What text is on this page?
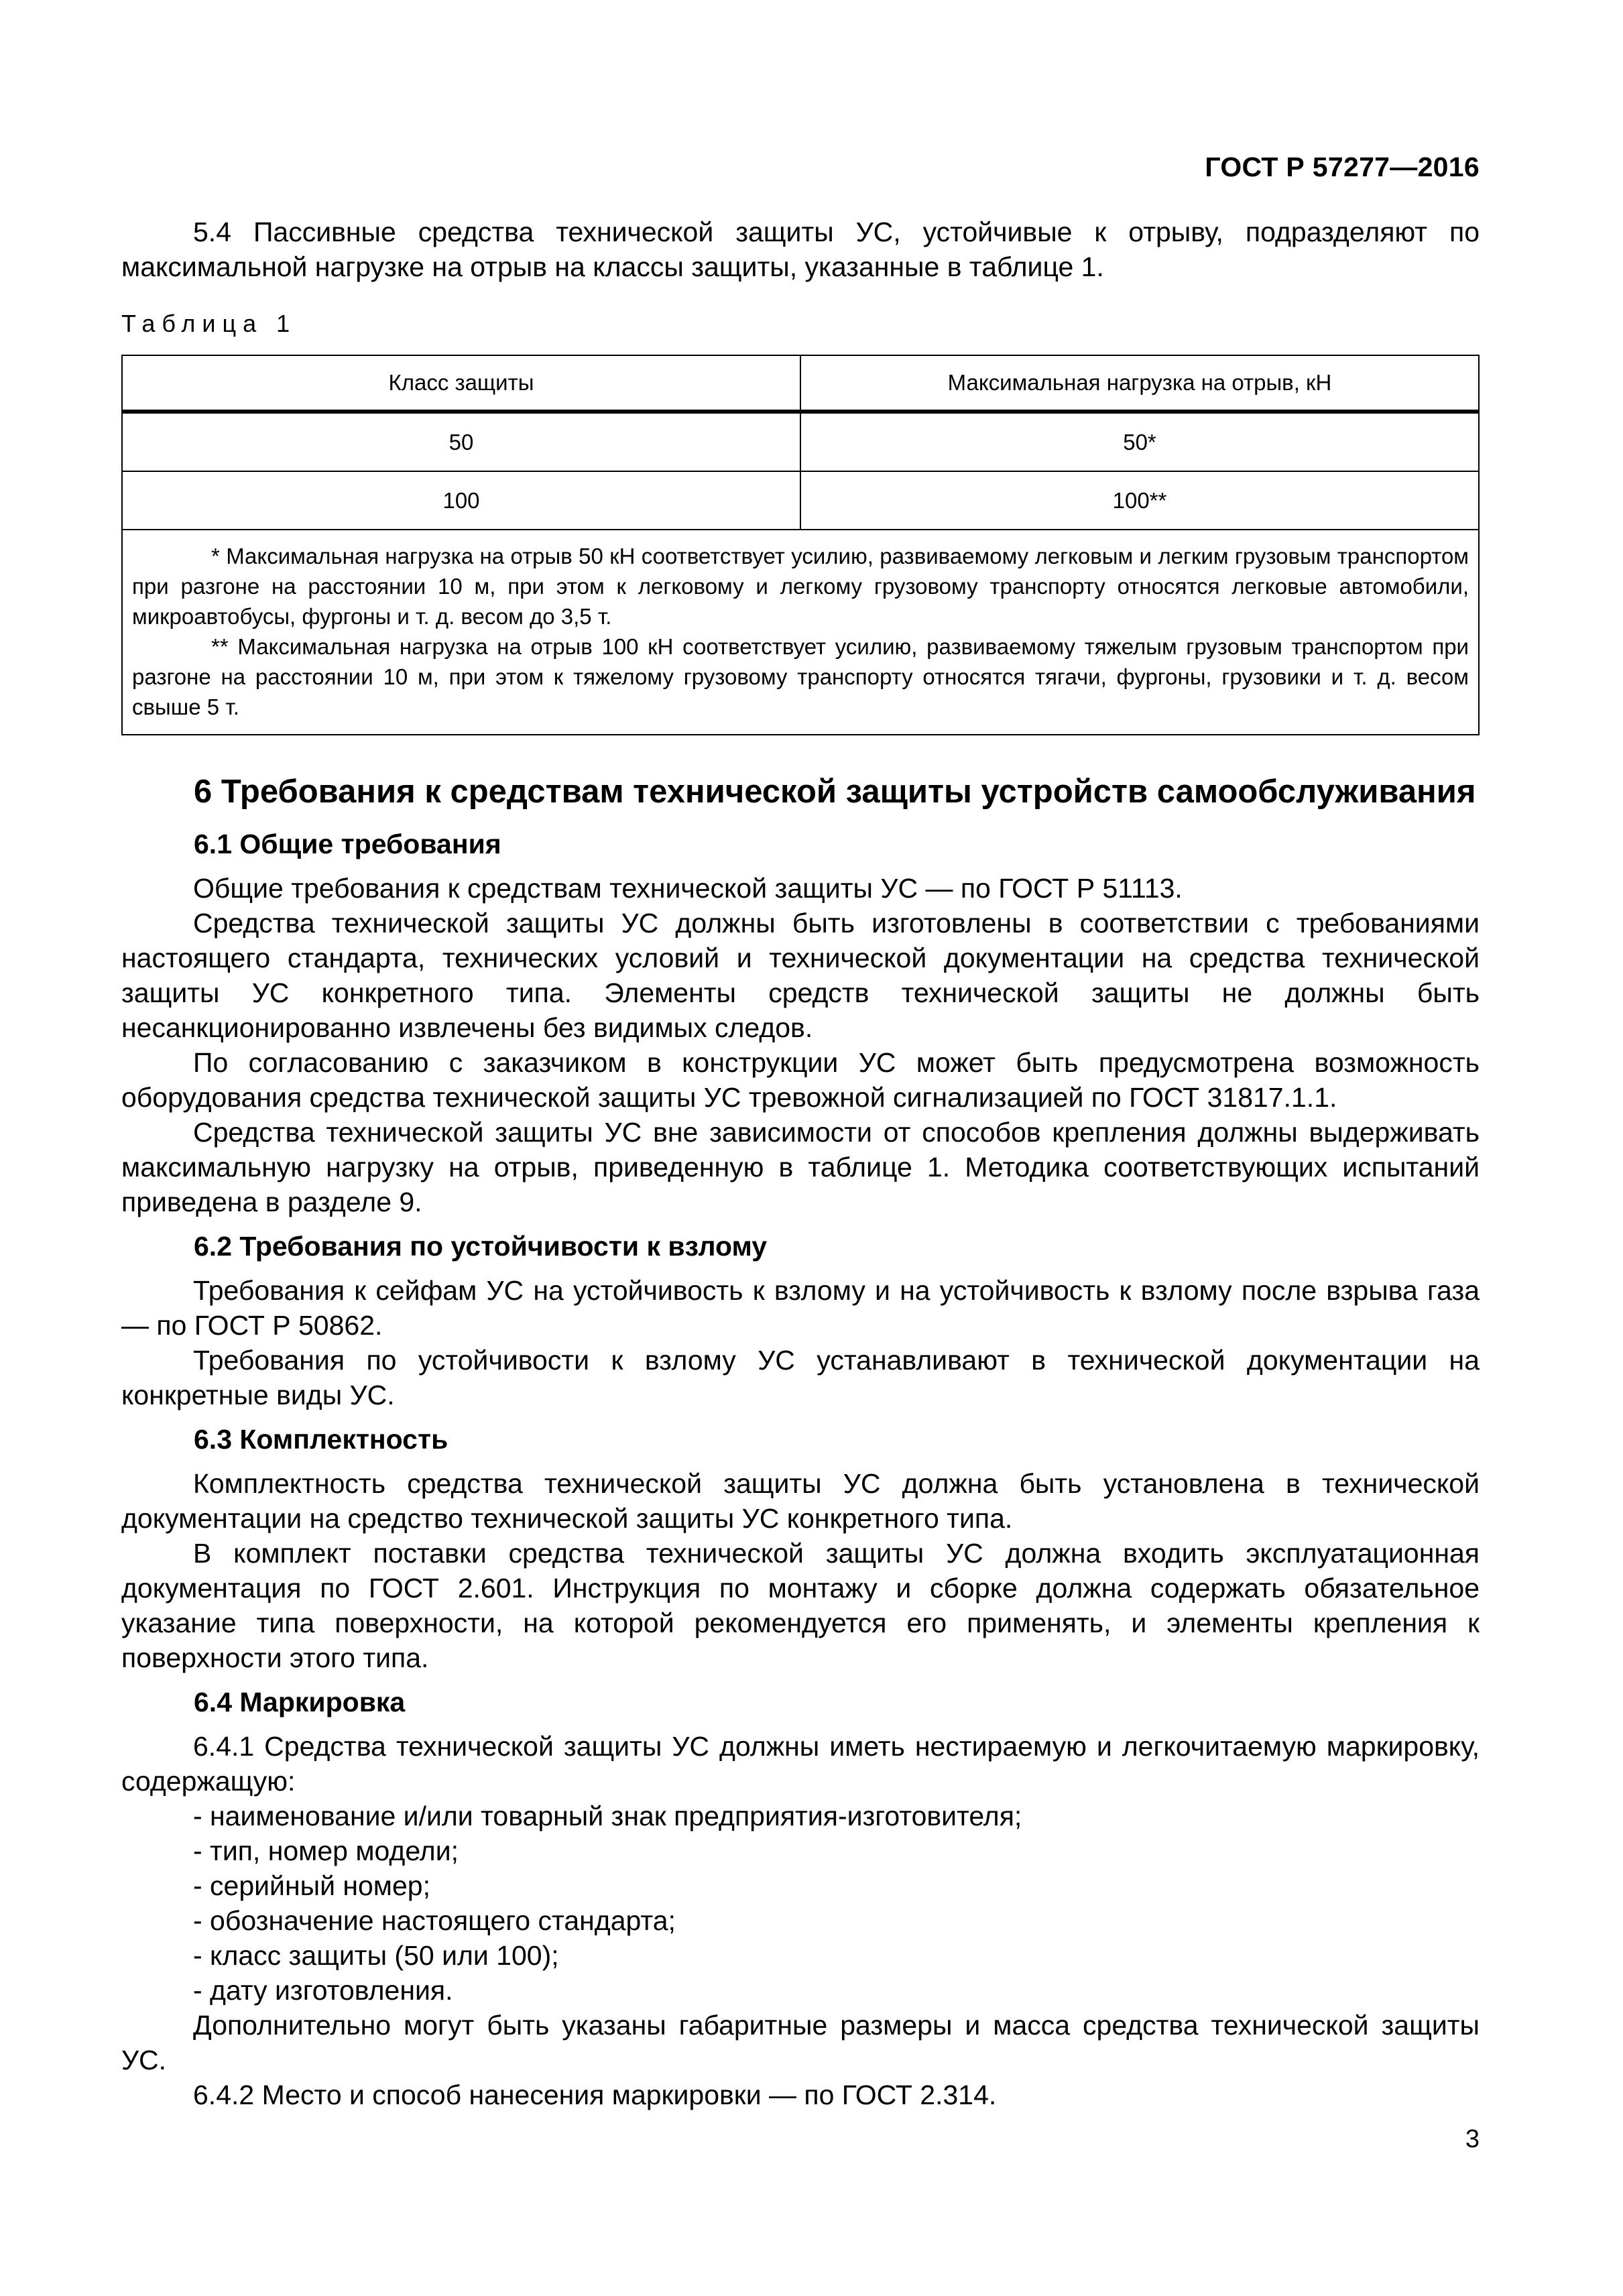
ГОСТ Р 57277—2016

5.4 Пассивные средства технической защиты УС, устойчивые к отрыву, подразделяют по максимальной нагрузке на отрыв на классы защиты, указанные в таблице 1.

Таблица 1
Класс защиты	Максимальная нагрузка на отрыв, кН
50	50*
100	100**

* Максимальная нагрузка на отрыв 50 кН соответствует усилию, развиваемому легковым и легким грузовым транспортом при разгоне на расстоянии 10 м, при этом к легковому и легкому грузовому транспорту относятся легковые автомобили, микроавтобусы, фургоны и т. д. весом до 3,5 т.

** Максимальная нагрузка на отрыв 100 кН соответствует усилию, развиваемому тяжелым грузовым транспортом при разгоне на расстоянии 10 м, при этом к тяжелому грузовому транспорту относятся тягачи, фургоны, грузовики и т. д. весом свыше 5 т.	

6 Требования к средствам технической защиты устройств самообслуживания
6.1 Общие требования

Общие требования к средствам технической защиты УС — по ГОСТ Р 51113.

Средства технической защиты УС должны быть изготовлены в соответствии с требованиями настоящего стандарта, технических условий и технической документации на средства технической защиты УС конкретного типа. Элементы средств технической защиты не должны быть несанкционированно извлечены без видимых следов.

По согласованию с заказчиком в конструкции УС может быть предусмотрена возможность оборудования средства технической защиты УС тревожной сигнализацией по ГОСТ 31817.1.1.

Средства технической защиты УС вне зависимости от способов крепления должны выдерживать максимальную нагрузку на отрыв, приведенную в таблице 1. Методика соответствующих испытаний приведена в разделе 9.

6.2 Требования по устойчивости к взлому

Требования к сейфам УС на устойчивость к взлому и на устойчивость к взлому после взрыва газа — по ГОСТ Р 50862.

Требования по устойчивости к взлому УС устанавливают в технической документации на конкретные виды УС.

6.3 Комплектность

Комплектность средства технической защиты УС должна быть установлена в технической документации на средство технической защиты УС конкретного типа.

В комплект поставки средства технической защиты УС должна входить эксплуатационная документация по ГОСТ 2.601. Инструкция по монтажу и сборке должна содержать обязательное указание типа поверхности, на которой рекомендуется его применять, и элементы крепления к поверхности этого типа.

6.4 Маркировка

6.4.1 Средства технической защиты УС должны иметь нестираемую и легкочитаемую маркировку, содержащую:

- наименование и/или товарный знак предприятия-изготовителя;
- тип, номер модели;
- серийный номер;
- обозначение настоящего стандарта;
- класс защиты (50 или 100);
- дату изготовления.

Дополнительно могут быть указаны габаритные размеры и масса средства технической защиты УС.

6.4.2 Место и способ нанесения маркировки — по ГОСТ 2.314.

3
